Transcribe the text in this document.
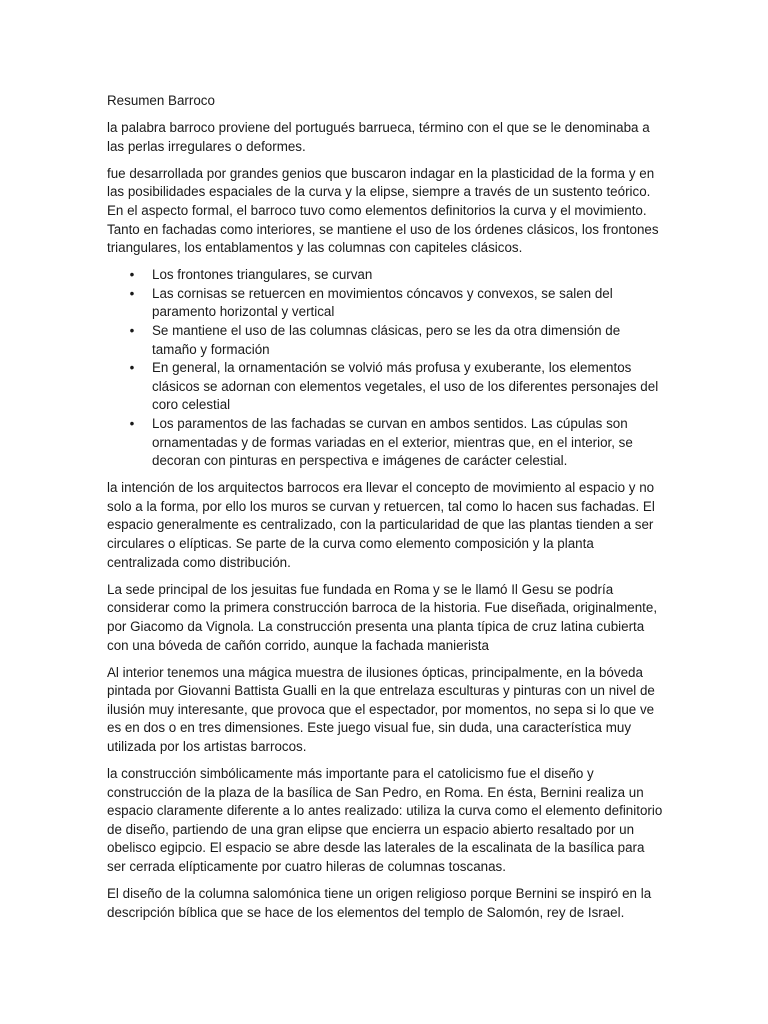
Resumen Barroco

la palabra barroco proviene del portugués barrueca, término con el que se le denominaba a las perlas irregulares o deformes.

fue desarrollada por grandes genios que buscaron indagar en la plasticidad de la forma y en las posibilidades espaciales de la curva y la elipse, siempre a través de un sustento teórico. En el aspecto formal, el barroco tuvo como elementos definitorios la curva y el movimiento. Tanto en fachadas como interiores, se mantiene el uso de los órdenes clásicos, los frontones triangulares, los entablamentos y las columnas con capiteles clásicos.

• Los frontones triangulares, se curvan
• Las cornisas se retuercen en movimientos cóncavos y convexos, se salen del paramento horizontal y vertical
• Se mantiene el uso de las columnas clásicas, pero se les da otra dimensión de tamaño y formación
• En general, la ornamentación se volvió más profusa y exuberante, los elementos clásicos se adornan con elementos vegetales, el uso de los diferentes personajes del coro celestial
• Los paramentos de las fachadas se curvan en ambos sentidos. Las cúpulas son ornamentadas y de formas variadas en el exterior, mientras que, en el interior, se decoran con pinturas en perspectiva e imágenes de carácter celestial.

la intención de los arquitectos barrocos era llevar el concepto de movimiento al espacio y no solo a la forma, por ello los muros se curvan y retuercen, tal como lo hacen sus fachadas. El espacio generalmente es centralizado, con la particularidad de que las plantas tienden a ser circulares o elípticas. Se parte de la curva como elemento composición y la planta centralizada como distribución.

La sede principal de los jesuitas fue fundada en Roma y se le llamó Il Gesu se podría considerar como la primera construcción barroca de la historia. Fue diseñada, originalmente, por Giacomo da Vignola. La construcción presenta una planta típica de cruz latina cubierta con una bóveda de cañón corrido, aunque la fachada manierista

Al interior tenemos una mágica muestra de ilusiones ópticas, principalmente, en la bóveda pintada por Giovanni Battista Gualli en la que entrelaza esculturas y pinturas con un nivel de ilusión muy interesante, que provoca que el espectador, por momentos, no sepa si lo que ve es en dos o en tres dimensiones. Este juego visual fue, sin duda, una característica muy utilizada por los artistas barrocos.

la construcción simbólicamente más importante para el catolicismo fue el diseño y construcción de la plaza de la basílica de San Pedro, en Roma. En ésta, Bernini realiza un espacio claramente diferente a lo antes realizado: utiliza la curva como el elemento definitorio de diseño, partiendo de una gran elipse que encierra un espacio abierto resaltado por un obelisco egipcio. El espacio se abre desde las laterales de la escalinata de la basílica para ser cerrada elípticamente por cuatro hileras de columnas toscanas.

El diseño de la columna salomónica tiene un origen religioso porque Bernini se inspiró en la descripción bíblica que se hace de los elementos del templo de Salomón, rey de Israel.
